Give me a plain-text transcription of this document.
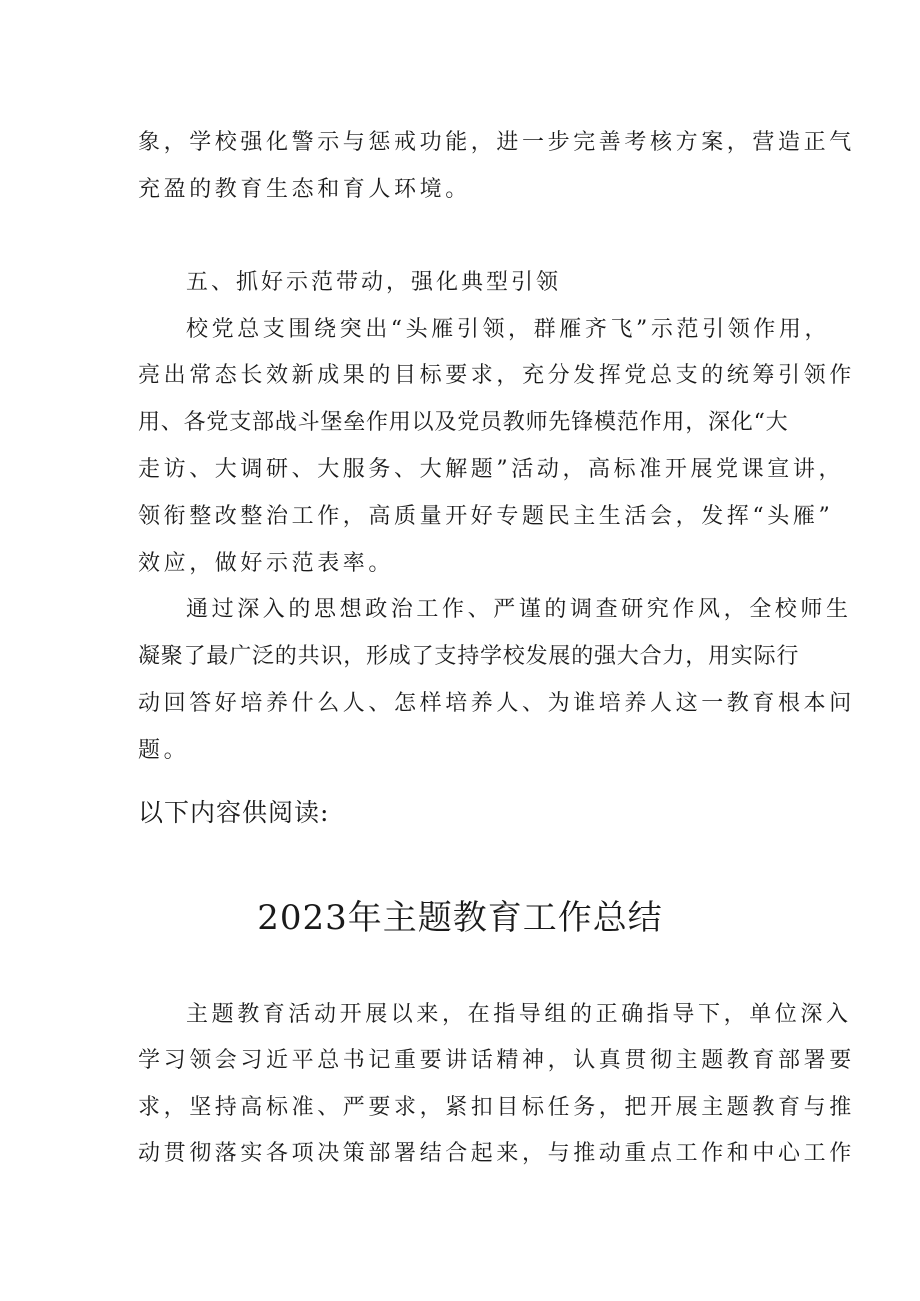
象，学校强化警示与惩戒功能，进一步完善考核方案，营造正气
充盈的教育生态和育人环境。
五、抓好示范带动，强化典型引领
校党总支围绕突出“头雁引领，群雁齐飞”示范引领作用，
亮出常态长效新成果的目标要求，充分发挥党总支的统筹引领作
用、各党支部战斗堡垒作用以及党员教师先锋模范作用，深化“大
走访、大调研、大服务、大解题”活动，高标准开展党课宣讲，
领衔整改整治工作，高质量开好专题民主生活会，发挥“头雁”
效应，做好示范表率。
通过深入的思想政治工作、严谨的调查研究作风，全校师生
凝聚了最广泛的共识，形成了支持学校发展的强大合力，用实际行
动回答好培养什么人、怎样培养人、为谁培养人这一教育根本问
题。
以下内容供阅读:
2023年主题教育工作总结
主题教育活动开展以来，在指导组的正确指导下，单位深入
学习领会习近平总书记重要讲话精神，认真贯彻主题教育部署要
求，坚持高标准、严要求，紧扣目标任务，把开展主题教育与推
动贯彻落实各项决策部署结合起来，与推动重点工作和中心工作
